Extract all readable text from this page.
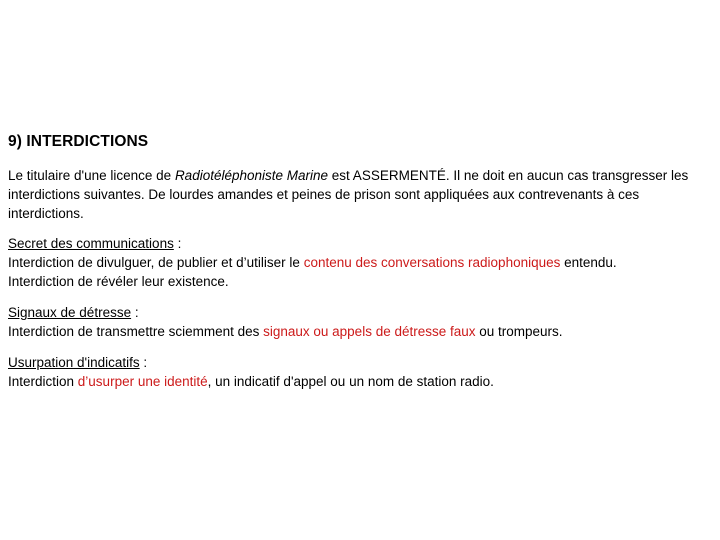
9) INTERDICTIONS
Le titulaire d'une licence de Radiotéléphoniste Marine est ASSERMENTÉ. Il ne doit en aucun cas transgresser les interdictions suivantes. De lourdes amandes et peines de prison sont appliquées aux contrevenants à ces interdictions.
Secret des communications :
Interdiction de divulguer, de publier et d’utiliser le contenu des conversations radiophoniques entendu.
Interdiction de révéler leur existence.
Signaux de détresse :
Interdiction de transmettre sciemment des signaux ou appels de détresse faux ou trompeurs.
Usurpation d'indicatifs :
Interdiction d’usurper une identité, un indicatif d'appel ou un nom de station radio.
